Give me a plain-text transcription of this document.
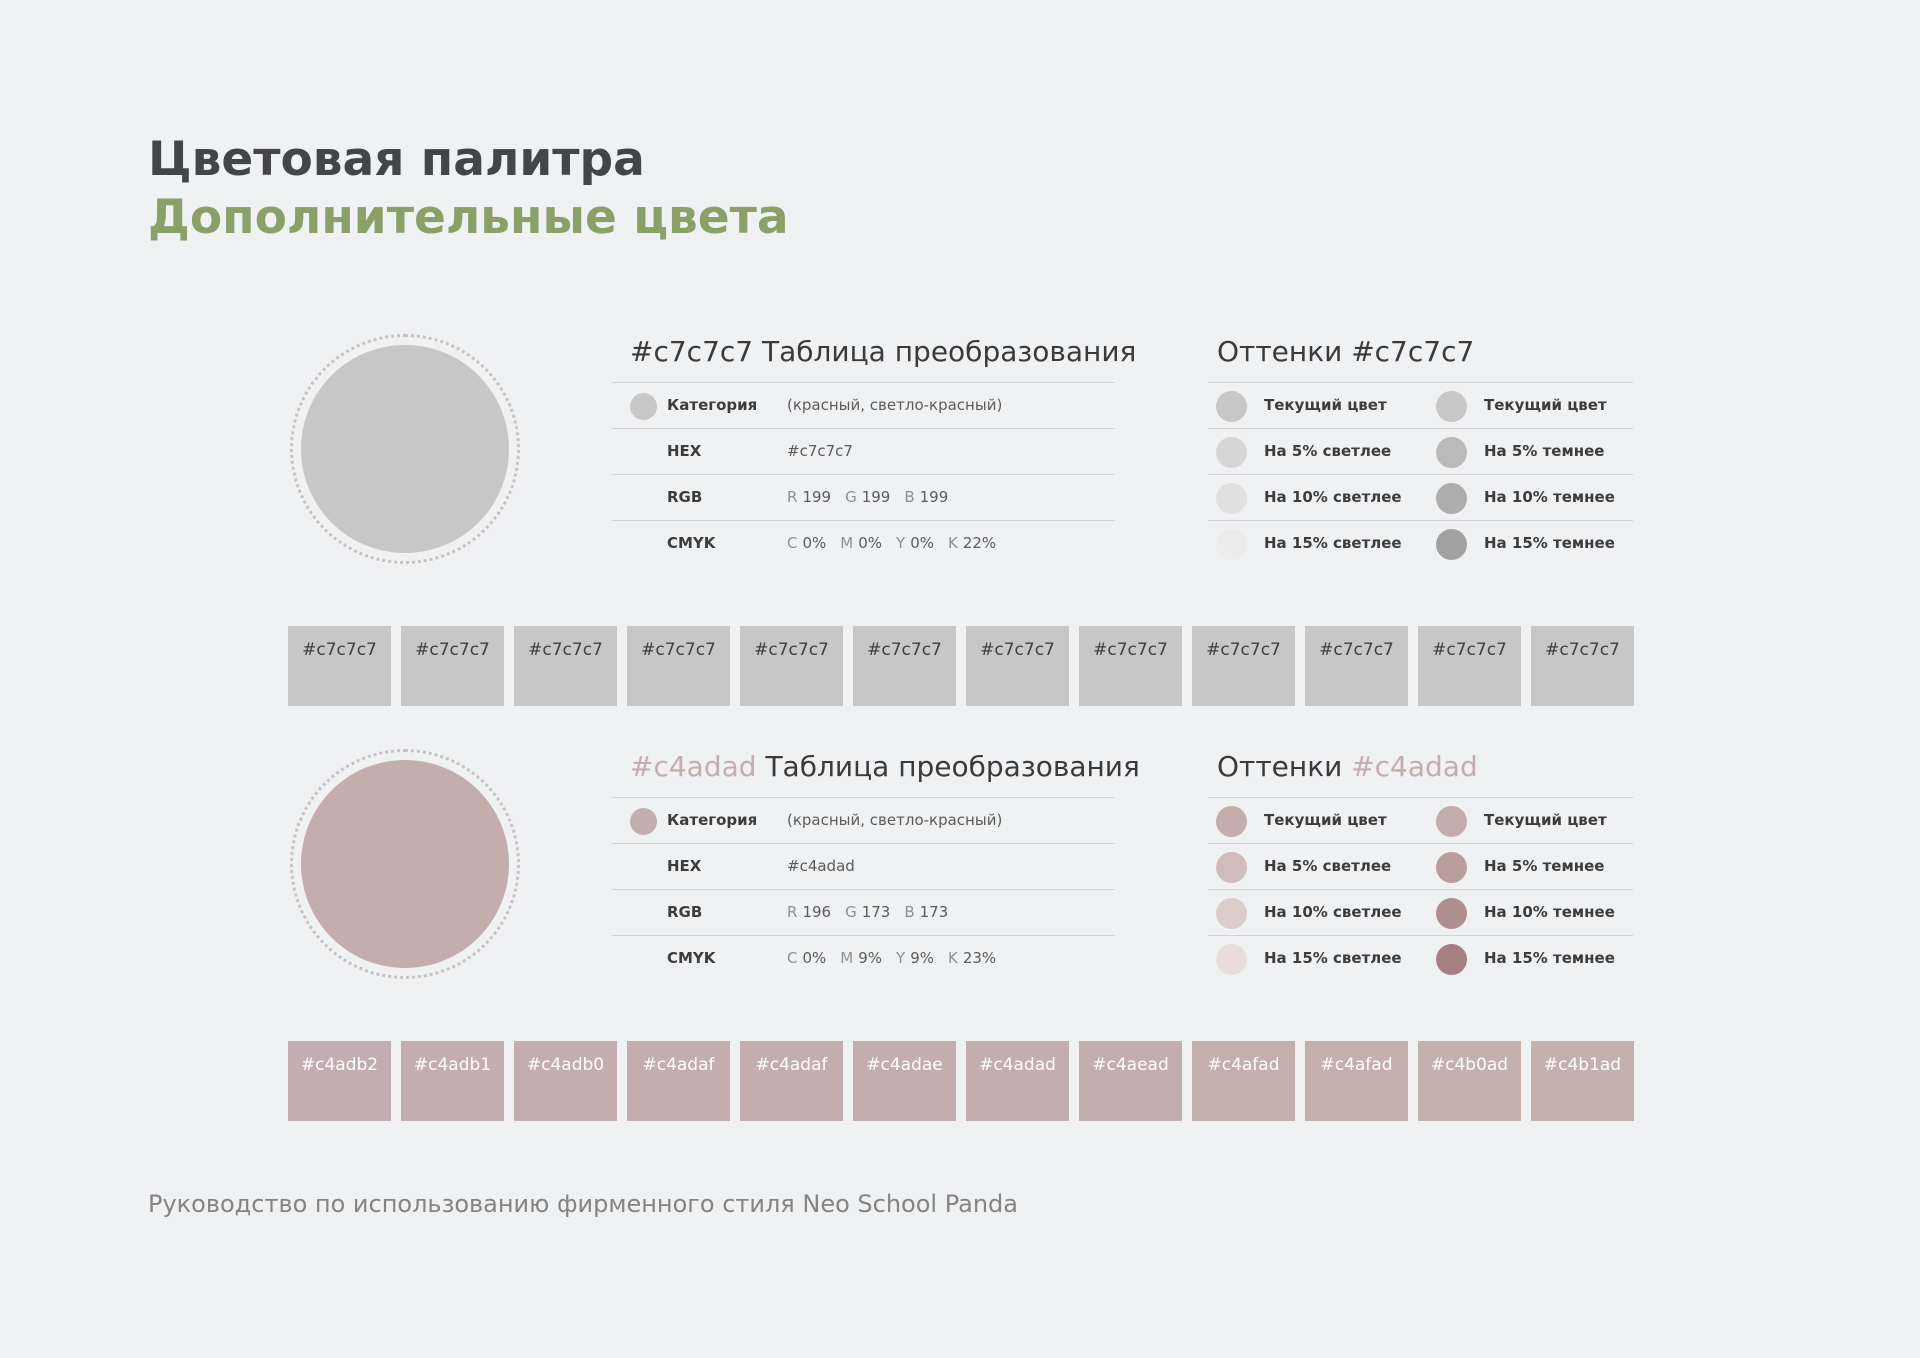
Цветовая палитра
Дополнительные цвета
#c7c7c7 Таблица преобразования
Категория (красный, светло-красный)
HEX	#c7c7c7
RGB	R 199 G 199 B 199
CMYK	C 0% M 0% Y 0% K 22%
Оттенки #c7c7c7
Текущий цвет	Текущий цвет
На 5% светлее	На 5% темнее
На 10% светлее	На 10% темнее
На 15% светлее	На 15% темнее
#c7c7c7	#c7c7c7	#c7c7c7	#c7c7c7	#c7c7c7	#c7c7c7	#c7c7c7	#c7c7c7	#c7c7c7	#c7c7c7	#c7c7c7	#c7c7c7
#c4adad Таблица преобразования
Категория (красный, светло-красный)
HEX	#c4adad
RGB	R 196 G 173 B 173
CMYK	C 0% M 9% Y 9% K 23%
Оттенки #c4adad
Текущий цвет	Текущий цвет
На 5% светлее	На 5% темнее
На 10% светлее	На 10% темнее
На 15% светлее	На 15% темнее
#c4adb2	#c4adb1	#c4adb0	#c4adaf	#c4adaf	#c4adae	#c4adad	#c4aead	#c4afad	#c4afad	#c4b0ad	#c4b1ad
Руководство по использованию фирменного стиля Neo School Panda
